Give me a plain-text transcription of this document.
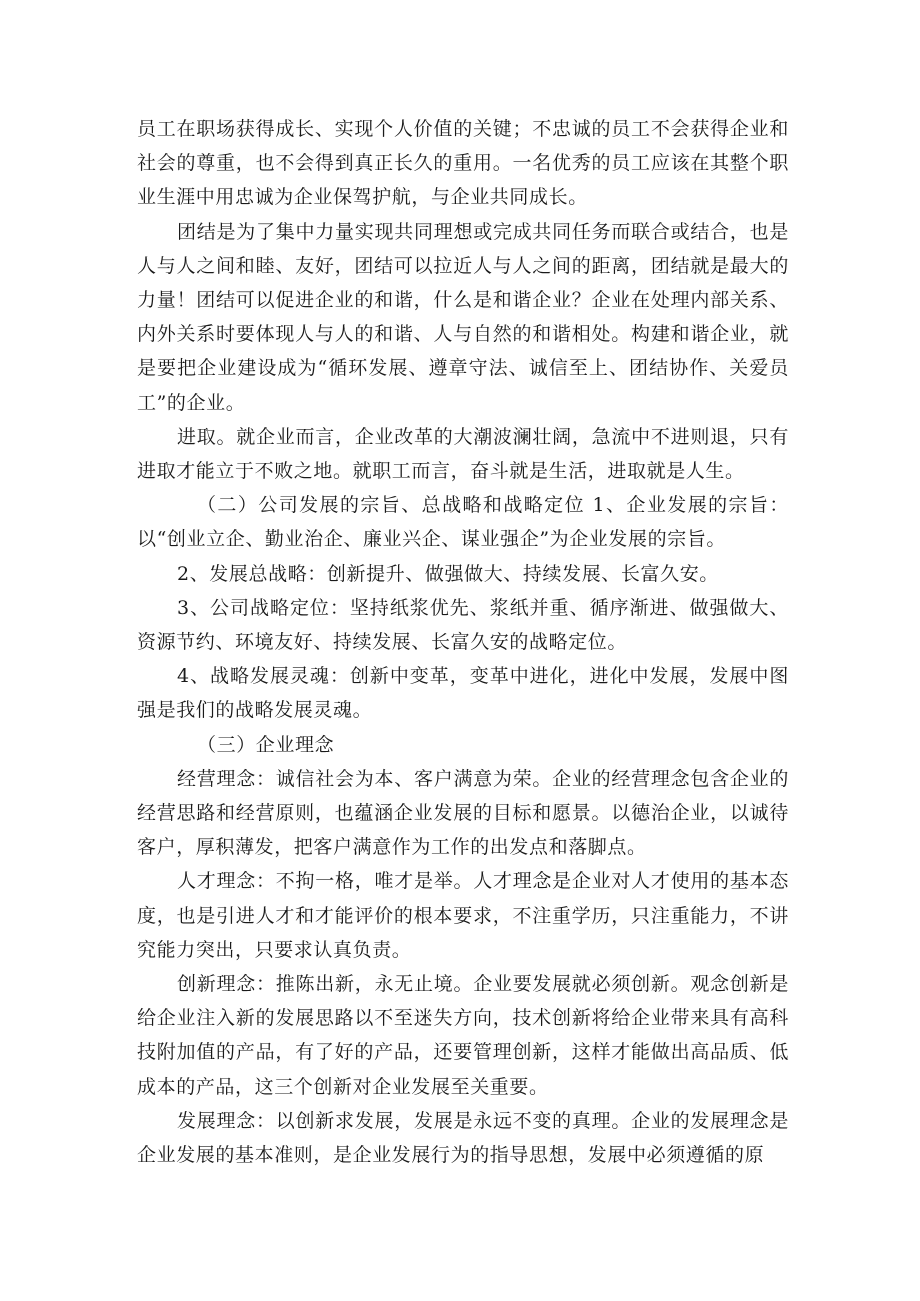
员工在职场获得成长、实现个人价值的关键；不忠诚的员工不会获得企业和社会的尊重，也不会得到真正长久的重用。一名优秀的员工应该在其整个职业生涯中用忠诚为企业保驾护航，与企业共同成长。

团结是为了集中力量实现共同理想或完成共同任务而联合或结合，也是人与人之间和睦、友好，团结可以拉近人与人之间的距离，团结就是最大的力量！团结可以促进企业的和谐，什么是和谐企业？企业在处理内部关系、内外关系时要体现人与人的和谐、人与自然的和谐相处。构建和谐企业，就是要把企业建设成为“循环发展、遵章守法、诚信至上、团结协作、关爱员工”的企业。

进取。就企业而言，企业改革的大潮波澜壮阔，急流中不进则退，只有进取才能立于不败之地。就职工而言，奋斗就是生活，进取就是人生。

（二）公司发展的宗旨、总战略和战略定位 1、企业发展的宗旨：以“创业立企、勤业治企、廉业兴企、谋业强企”为企业发展的宗旨。

2、发展总战略：创新提升、做强做大、持续发展、长富久安。

3、公司战略定位：坚持纸浆优先、浆纸并重、循序渐进、做强做大、资源节约、环境友好、持续发展、长富久安的战略定位。

4、战略发展灵魂：创新中变革，变革中进化，进化中发展，发展中图强是我们的战略发展灵魂。

（三）企业理念

经营理念：诚信社会为本、客户满意为荣。企业的经营理念包含企业的经营思路和经营原则，也蕴涵企业发展的目标和愿景。以德治企业，以诚待客户，厚积薄发，把客户满意作为工作的出发点和落脚点。

人才理念：不拘一格，唯才是举。人才理念是企业对人才使用的基本态度，也是引进人才和才能评价的根本要求，不注重学历，只注重能力，不讲究能力突出，只要求认真负责。

创新理念：推陈出新，永无止境。企业要发展就必须创新。观念创新是给企业注入新的发展思路以不至迷失方向，技术创新将给企业带来具有高科技附加值的产品，有了好的产品，还要管理创新，这样才能做出高品质、低成本的产品，这三个创新对企业发展至关重要。

发展理念：以创新求发展，发展是永远不变的真理。企业的发展理念是企业发展的基本准则，是企业发展行为的指导思想，发展中必须遵循的原
